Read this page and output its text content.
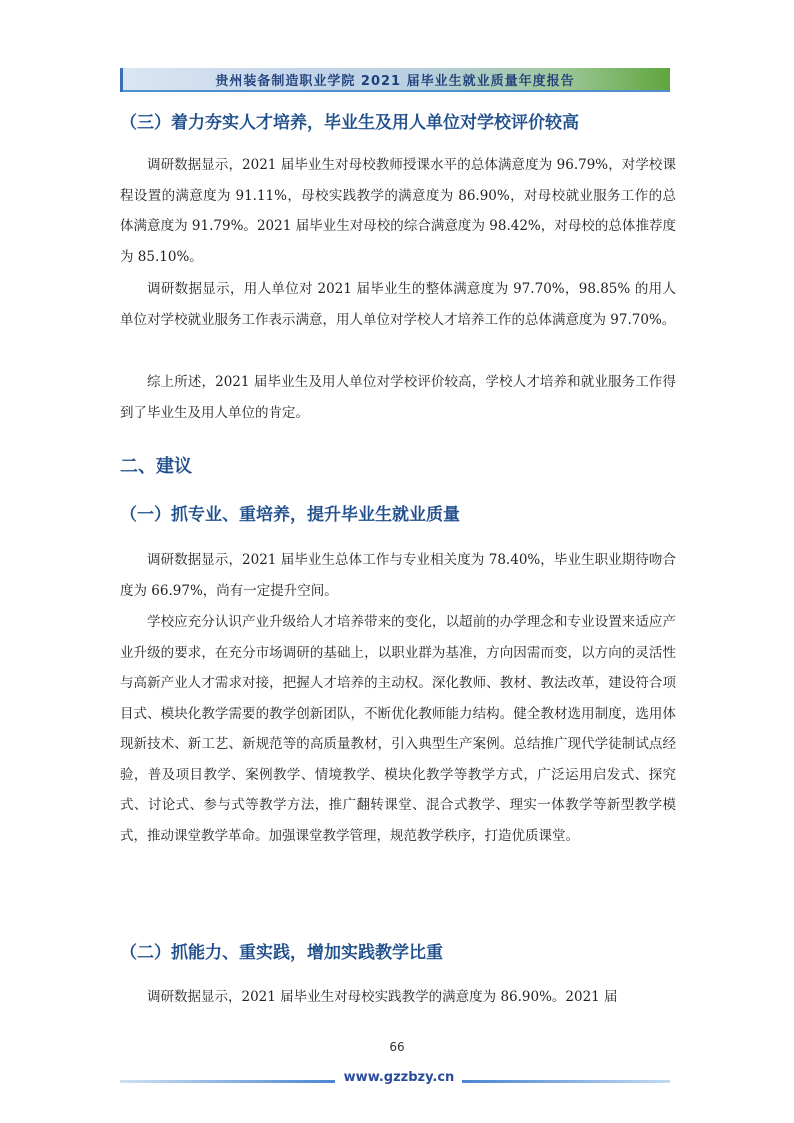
贵州装备制造职业学院 2021 届毕业生就业质量年度报告
（三）着力夯实人才培养，毕业生及用人单位对学校评价较高

调研数据显示，2021 届毕业生对母校教师授课水平的总体满意度为 96.79%，对学校课程设置的满意度为 91.11%，母校实践教学的满意度为 86.90%，对母校就业服务工作的总体满意度为 91.79%。2021 届毕业生对母校的综合满意度为 98.42%，对母校的总体推荐度为 85.10%。

调研数据显示，用人单位对 2021 届毕业生的整体满意度为 97.70%，98.85% 的用人单位对学校就业服务工作表示满意，用人单位对学校人才培养工作的总体满意度为 97.70%。

综上所述，2021 届毕业生及用人单位对学校评价较高，学校人才培养和就业服务工作得到了毕业生及用人单位的肯定。

二、建议
（一）抓专业、重培养，提升毕业生就业质量

调研数据显示，2021 届毕业生总体工作与专业相关度为 78.40%，毕业生职业期待吻合度为 66.97%，尚有一定提升空间。

学校应充分认识产业升级给人才培养带来的变化，以超前的办学理念和专业设置来适应产业升级的要求，在充分市场调研的基础上，以职业群为基准，方向因需而变，以方向的灵活性与高新产业人才需求对接，把握人才培养的主动权。深化教师、教材、教法改革，建设符合项目式、模块化教学需要的教学创新团队，不断优化教师能力结构。健全教材选用制度，选用体现新技术、新工艺、新规范等的高质量教材，引入典型生产案例。总结推广现代学徒制试点经验，普及项目教学、案例教学、情境教学、模块化教学等教学方式，广泛运用启发式、探究式、讨论式、参与式等教学方法，推广翻转课堂、混合式教学、理实一体教学等新型教学模式，推动课堂教学革命。加强课堂教学管理，规范教学秩序，打造优质课堂。

（二）抓能力、重实践，增加实践教学比重

调研数据显示，2021 届毕业生对母校实践教学的满意度为 86.90%。2021 届

66
www.gzzbzy.cn
